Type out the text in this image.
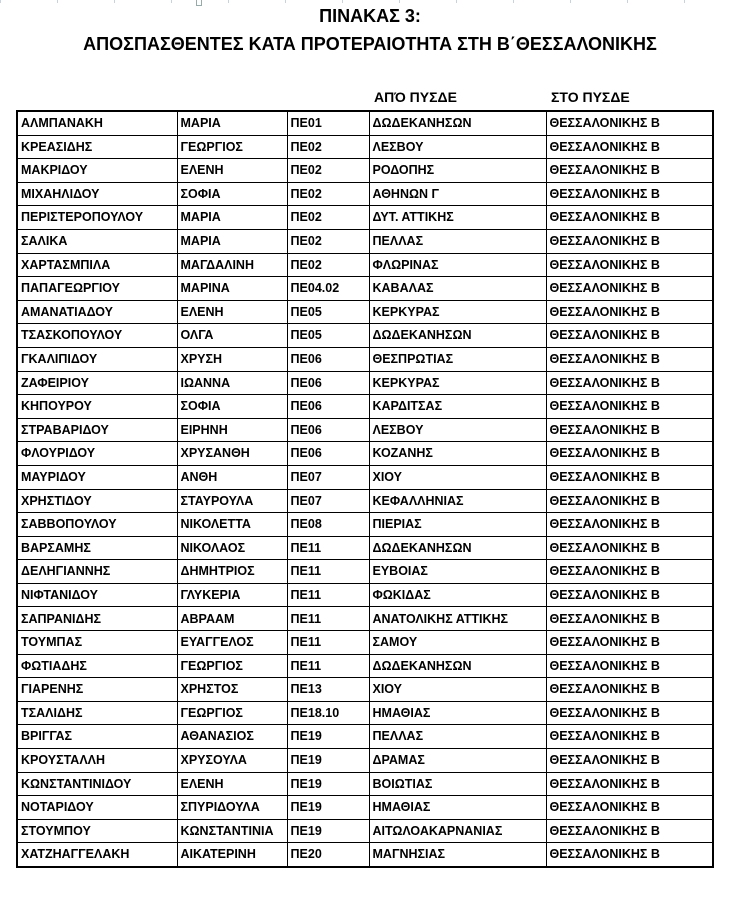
ΠΙΝΑΚΑΣ 3:
ΑΠΟΣΠΑΣΘΕΝΤΕΣ ΚΑΤΑ ΠΡΟΤΕΡΑΙΟΤΗΤΑ ΣΤΗ Β΄ΘΕΣΣΑΛΟΝΙΚΗΣ
ΑΠΌ ΠΥΣΔΕ	ΣΤΟ ΠΥΣΔΕ
ΑΛΜΠΑΝΑΚΗ	ΜΑΡΙΑ	ΠΕ01	ΔΩΔΕΚΑΝΗΣΩΝ	ΘΕΣΣΑΛΟΝΙΚΗΣ Β
ΚΡΕΑΣΙΔΗΣ	ΓΕΩΡΓΙΟΣ	ΠΕ02	ΛΕΣΒΟΥ	ΘΕΣΣΑΛΟΝΙΚΗΣ Β
ΜΑΚΡΙΔΟΥ	ΕΛΕΝΗ	ΠΕ02	ΡΟΔΟΠΗΣ	ΘΕΣΣΑΛΟΝΙΚΗΣ Β
ΜΙΧΑΗΛΙΔΟΥ	ΣΟΦΙΑ	ΠΕ02	ΑΘΗΝΩΝ Γ	ΘΕΣΣΑΛΟΝΙΚΗΣ Β
ΠΕΡΙΣΤΕΡΟΠΟΥΛΟΥ	ΜΑΡΙΑ	ΠΕ02	ΔΥΤ. ΑΤΤΙΚΗΣ	ΘΕΣΣΑΛΟΝΙΚΗΣ Β
ΣΑΛΙΚΑ	ΜΑΡΙΑ	ΠΕ02	ΠΕΛΛΑΣ	ΘΕΣΣΑΛΟΝΙΚΗΣ Β
ΧΑΡΤΑΣΜΠΙΛΑ	ΜΑΓΔΑΛΙΝΗ	ΠΕ02	ΦΛΩΡΙΝΑΣ	ΘΕΣΣΑΛΟΝΙΚΗΣ Β
ΠΑΠΑΓΕΩΡΓΙΟΥ	ΜΑΡΙΝΑ	ΠΕ04.02	ΚΑΒΑΛΑΣ	ΘΕΣΣΑΛΟΝΙΚΗΣ Β
ΑΜΑΝΑΤΙΑΔΟΥ	ΕΛΕΝΗ	ΠΕ05	ΚΕΡΚΥΡΑΣ	ΘΕΣΣΑΛΟΝΙΚΗΣ Β
ΤΣΑΣΚΟΠΟΥΛΟΥ	ΟΛΓΑ	ΠΕ05	ΔΩΔΕΚΑΝΗΣΩΝ	ΘΕΣΣΑΛΟΝΙΚΗΣ Β
ΓΚΑΛΙΠΙΔΟΥ	ΧΡΥΣΗ	ΠΕ06	ΘΕΣΠΡΩΤΙΑΣ	ΘΕΣΣΑΛΟΝΙΚΗΣ Β
ΖΑΦΕΙΡΙΟΥ	ΙΩΑΝΝΑ	ΠΕ06	ΚΕΡΚΥΡΑΣ	ΘΕΣΣΑΛΟΝΙΚΗΣ Β
ΚΗΠΟΥΡΟΥ	ΣΟΦΙΑ	ΠΕ06	ΚΑΡΔΙΤΣΑΣ	ΘΕΣΣΑΛΟΝΙΚΗΣ Β
ΣΤΡΑΒΑΡΙΔΟΥ	ΕΙΡΗΝΗ	ΠΕ06	ΛΕΣΒΟΥ	ΘΕΣΣΑΛΟΝΙΚΗΣ Β
ΦΛΟΥΡΙΔΟΥ	ΧΡΥΣΑΝΘΗ	ΠΕ06	ΚΟΖΑΝΗΣ	ΘΕΣΣΑΛΟΝΙΚΗΣ Β
ΜΑΥΡΙΔΟΥ	ΑΝΘΗ	ΠΕ07	ΧΙΟΥ	ΘΕΣΣΑΛΟΝΙΚΗΣ Β
ΧΡΗΣΤΙΔΟΥ	ΣΤΑΥΡΟΥΛΑ	ΠΕ07	ΚΕΦΑΛΛΗΝΙΑΣ	ΘΕΣΣΑΛΟΝΙΚΗΣ Β
ΣΑΒΒΟΠΟΥΛΟΥ	ΝΙΚΟΛΕΤΤΑ	ΠΕ08	ΠΙΕΡΙΑΣ	ΘΕΣΣΑΛΟΝΙΚΗΣ Β
ΒΑΡΣΑΜΗΣ	ΝΙΚΟΛΑΟΣ	ΠΕ11	ΔΩΔΕΚΑΝΗΣΩΝ	ΘΕΣΣΑΛΟΝΙΚΗΣ Β
ΔΕΛΗΓΙΑΝΝΗΣ	ΔΗΜΗΤΡΙΟΣ	ΠΕ11	ΕΥΒΟΙΑΣ	ΘΕΣΣΑΛΟΝΙΚΗΣ Β
ΝΙΦΤΑΝΙΔΟΥ	ΓΛΥΚΕΡΙΑ	ΠΕ11	ΦΩΚΙΔΑΣ	ΘΕΣΣΑΛΟΝΙΚΗΣ Β
ΣΑΠΡΑΝΙΔΗΣ	ΑΒΡΑΑΜ	ΠΕ11	ΑΝΑΤΟΛΙΚΗΣ ΑΤΤΙΚΗΣ	ΘΕΣΣΑΛΟΝΙΚΗΣ Β
ΤΟΥΜΠΑΣ	ΕΥΑΓΓΕΛΟΣ	ΠΕ11	ΣΑΜΟΥ	ΘΕΣΣΑΛΟΝΙΚΗΣ Β
ΦΩΤΙΑΔΗΣ	ΓΕΩΡΓΙΟΣ	ΠΕ11	ΔΩΔΕΚΑΝΗΣΩΝ	ΘΕΣΣΑΛΟΝΙΚΗΣ Β
ΓΙΑΡΕΝΗΣ	ΧΡΗΣΤΟΣ	ΠΕ13	ΧΙΟΥ	ΘΕΣΣΑΛΟΝΙΚΗΣ Β
ΤΣΑΛΙΔΗΣ	ΓΕΩΡΓΙΟΣ	ΠΕ18.10	ΗΜΑΘΙΑΣ	ΘΕΣΣΑΛΟΝΙΚΗΣ Β
ΒΡΙΓΓΑΣ	ΑΘΑΝΑΣΙΟΣ	ΠΕ19	ΠΕΛΛΑΣ	ΘΕΣΣΑΛΟΝΙΚΗΣ Β
ΚΡΟΥΣΤΑΛΛΗ	ΧΡΥΣΟΥΛΑ	ΠΕ19	ΔΡΑΜΑΣ	ΘΕΣΣΑΛΟΝΙΚΗΣ Β
ΚΩΝΣΤΑΝΤΙΝΙΔΟΥ	ΕΛΕΝΗ	ΠΕ19	ΒΟΙΩΤΙΑΣ	ΘΕΣΣΑΛΟΝΙΚΗΣ Β
ΝΟΤΑΡΙΔΟΥ	ΣΠΥΡΙΔΟΥΛΑ	ΠΕ19	ΗΜΑΘΙΑΣ	ΘΕΣΣΑΛΟΝΙΚΗΣ Β
ΣΤΟΥΜΠΟΥ	ΚΩΝΣΤΑΝΤΙΝΙΑ	ΠΕ19	ΑΙΤΩΛΟΑΚΑΡΝΑΝΙΑΣ	ΘΕΣΣΑΛΟΝΙΚΗΣ Β
ΧΑΤΖΗΑΓΓΕΛΑΚΗ	ΑΙΚΑΤΕΡΙΝΗ	ΠΕ20	ΜΑΓΝΗΣΙΑΣ	ΘΕΣΣΑΛΟΝΙΚΗΣ Β
